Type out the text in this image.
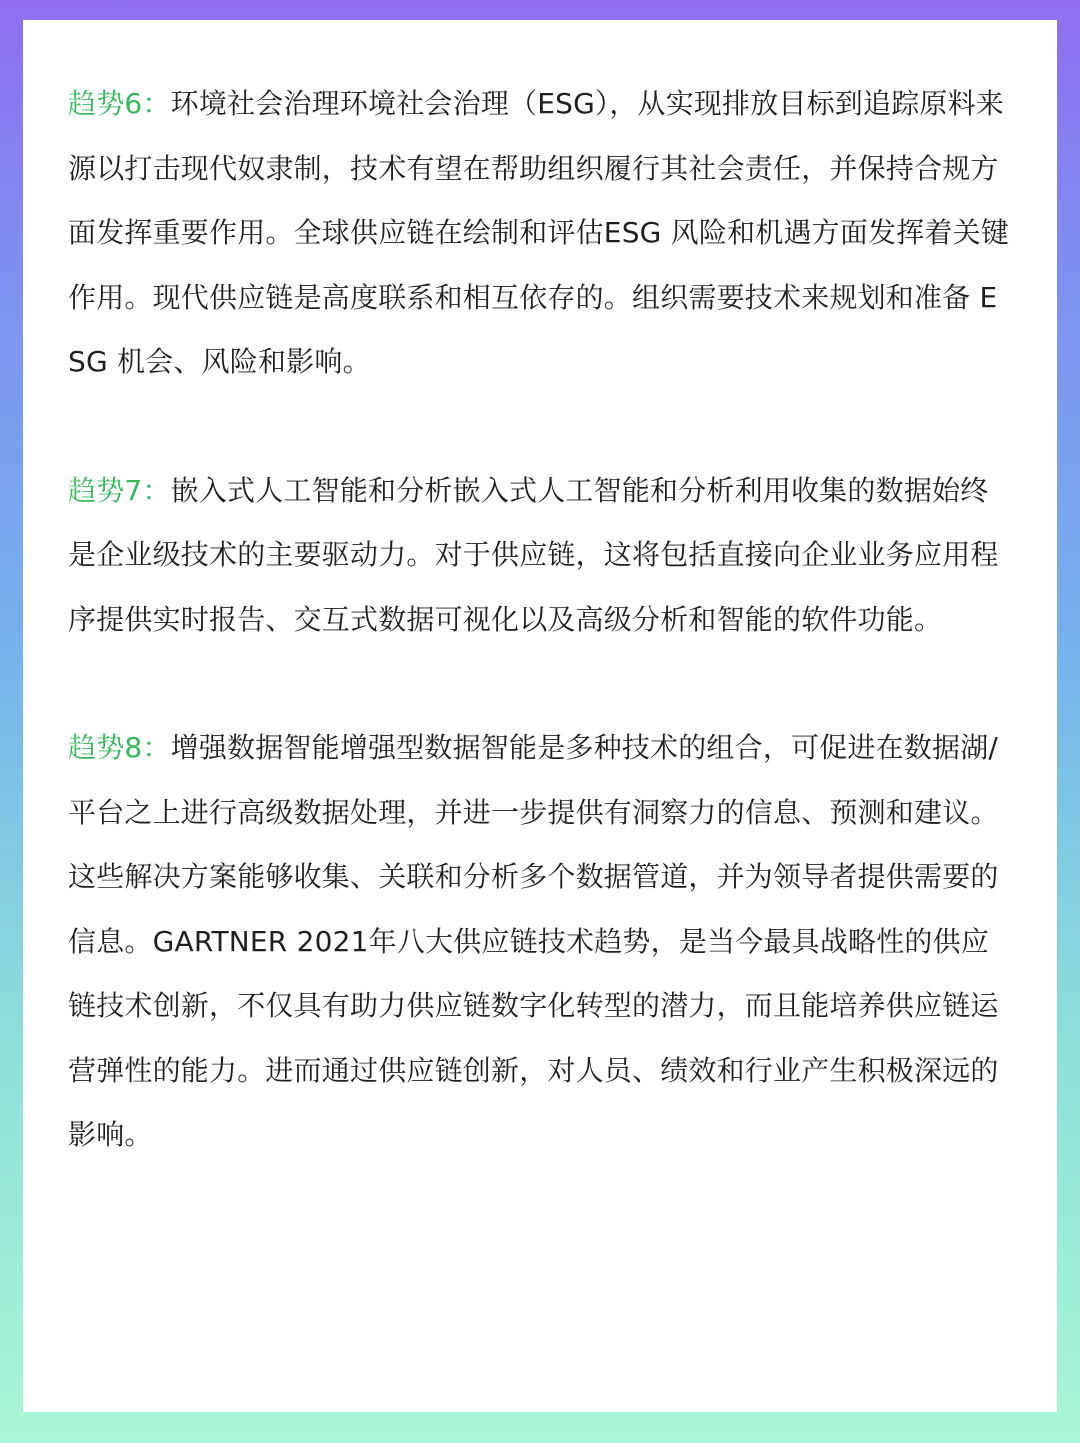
趋势6：环境社会治理环境社会治理（ESG），从实现排放目标到追踪原料来源以打击现代奴隶制，技术有望在帮助组织履行其社会责任，并保持合规方面发挥重要作用。全球供应链在绘制和评估ESG 风险和机遇方面发挥着关键作用。现代供应链是高度联系和相互依存的。组织需要技术来规划和准备 ESG 机会、风险和影响。

趋势7：嵌入式人工智能和分析嵌入式人工智能和分析利用收集的数据始终是企业级技术的主要驱动力。对于供应链，这将包括直接向企业业务应用程序提供实时报告、交互式数据可视化以及高级分析和智能的软件功能。

趋势8：增强数据智能增强型数据智能是多种技术的组合，可促进在数据湖/平台之上进行高级数据处理，并进一步提供有洞察力的信息、预测和建议。这些解决方案能够收集、关联和分析多个数据管道，并为领导者提供需要的信息。GARTNER 2021年八大供应链技术趋势，是当今最具战略性的供应链技术创新，不仅具有助力供应链数字化转型的潜力，而且能培养供应链运营弹性的能力。进而通过供应链创新，对人员、绩效和行业产生积极深远的影响。
